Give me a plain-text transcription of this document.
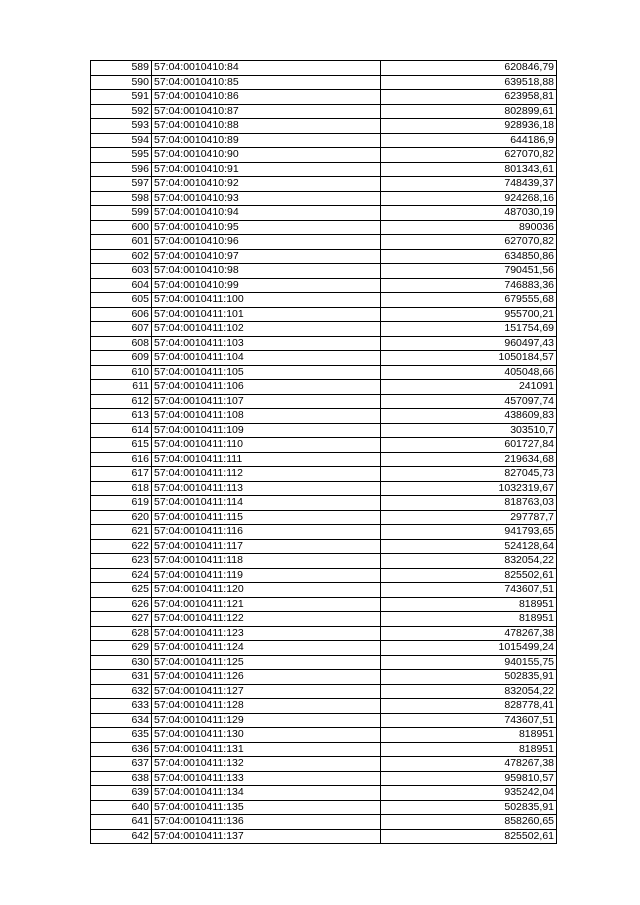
589	57:04:0010410:84	620846,79
590	57:04:0010410:85	639518,88
591	57:04:0010410:86	623958,81
592	57:04:0010410:87	802899,61
593	57:04:0010410:88	928936,18
594	57:04:0010410:89	644186,9
595	57:04:0010410:90	627070,82
596	57:04:0010410:91	801343,61
597	57:04:0010410:92	748439,37
598	57:04:0010410:93	924268,16
599	57:04:0010410:94	487030,19
600	57:04:0010410:95	890036
601	57:04:0010410:96	627070,82
602	57:04:0010410:97	634850,86
603	57:04:0010410:98	790451,56
604	57:04:0010410:99	746883,36
605	57:04:0010411:100	679555,68
606	57:04:0010411:101	955700,21
607	57:04:0010411:102	151754,69
608	57:04:0010411:103	960497,43
609	57:04:0010411:104	1050184,57
610	57:04:0010411:105	405048,66
611	57:04:0010411:106	241091
612	57:04:0010411:107	457097,74
613	57:04:0010411:108	438609,83
614	57:04:0010411:109	303510,7
615	57:04:0010411:110	601727,84
616	57:04:0010411:111	219634,68
617	57:04:0010411:112	827045,73
618	57:04:0010411:113	1032319,67
619	57:04:0010411:114	818763,03
620	57:04:0010411:115	297787,7
621	57:04:0010411:116	941793,65
622	57:04:0010411:117	524128,64
623	57:04:0010411:118	832054,22
624	57:04:0010411:119	825502,61
625	57:04:0010411:120	743607,51
626	57:04:0010411:121	818951
627	57:04:0010411:122	818951
628	57:04:0010411:123	478267,38
629	57:04:0010411:124	1015499,24
630	57:04:0010411:125	940155,75
631	57:04:0010411:126	502835,91
632	57:04:0010411:127	832054,22
633	57:04:0010411:128	828778,41
634	57:04:0010411:129	743607,51
635	57:04:0010411:130	818951
636	57:04:0010411:131	818951
637	57:04:0010411:132	478267,38
638	57:04:0010411:133	959810,57
639	57:04:0010411:134	935242,04
640	57:04:0010411:135	502835,91
641	57:04:0010411:136	858260,65
642	57:04:0010411:137	825502,61
